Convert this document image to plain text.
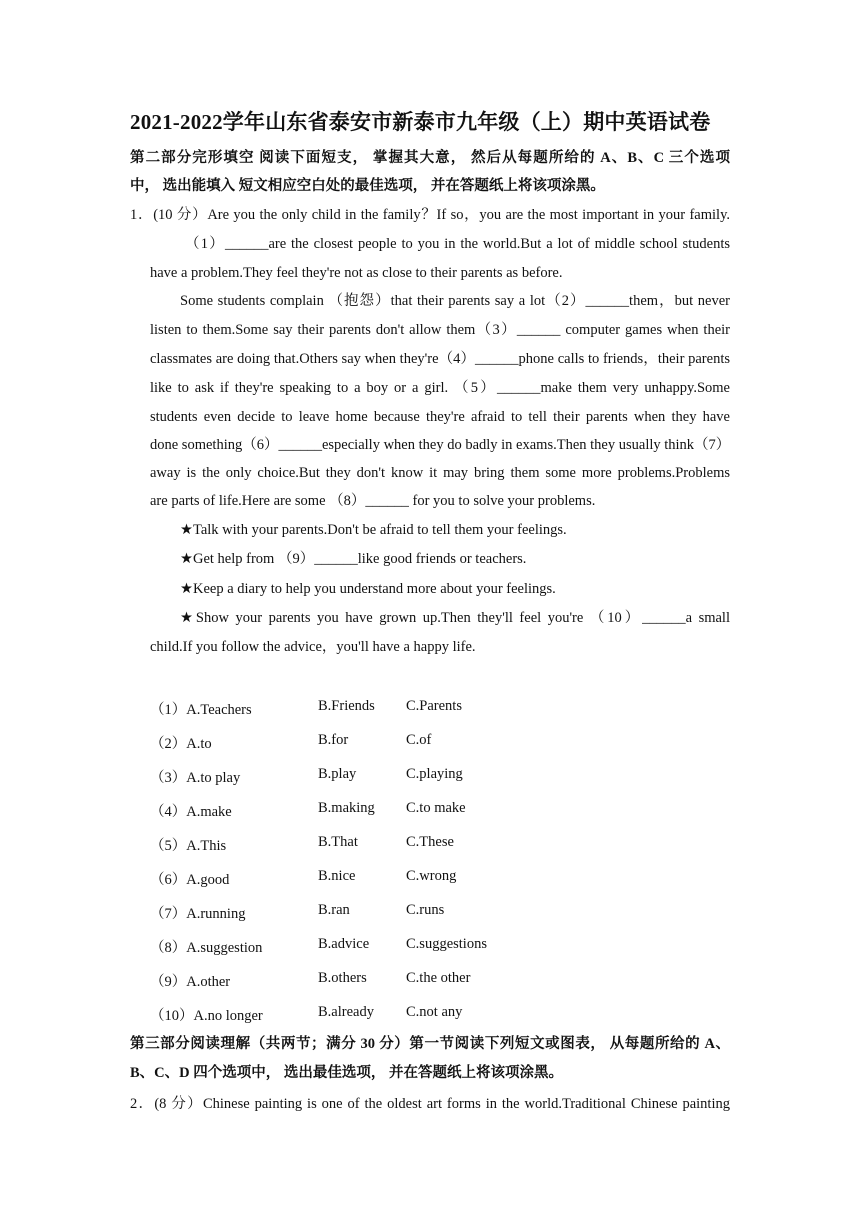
2021-2022学年山东省泰安市新泰市九年级（上）期中英语试卷
第二部分完形填空 阅读下面短支， 掌握其大意， 然后从每题所给的 A、B、C 三个选项
中， 选出能填入 短文相应空白处的最佳选项， 并在答题纸上将该项涂黑。
1．(10 分）Are you the only child in the family？If so，you are the most important in your family.
（1）______are the closest people to you in the world.But a lot of middle school students
have a problem.They feel they're not as close to their parents as before.
Some students complain （抱怨）that their parents say a lot（2）______them，but never
listen to them.Some say their parents don't allow them（3）______ computer games when their
classmates are doing that.Others say when they're（4）______phone calls to friends，their parents
like to ask if they're speaking to a boy or a girl. （5）______make them very unhappy.Some
students even decide to leave home because they're afraid to tell their parents when they have
done something（6）______especially when they do badly in exams.Then they usually think（7）
away is the only choice.But they don't know it may bring them some more problems.Problems
are parts of life.Here are some （8）______ for you to solve your problems.
★Talk with your parents.Don't be afraid to tell them your feelings.
★Get help from （9）______like good friends or teachers.
★Keep a diary to help you understand more about your feelings.
★Show your parents you have grown up.Then they'll feel you're （10）______a small
child.If you follow the advice，you'll have a happy life.
（1）A.Teachers	B.Friends C.Parents
（2）A.to	B.for	C.of
（3）A.to play	B.play	C.playing
（4）A.make	B.making C.to make
（5）A.This	B.That	C.These
（6）A.good	B.nice	C.wrong
（7）A.running	B.ran	C.runs
（8）A.suggestion	B.advice	C.suggestions
（9）A.other	B.others	C.the other
（10）A.no longer	B.already C.not any
第三部分阅读理解（共两节；满分 30 分）第一节阅读下列短文或图表， 从每题所给的 A、
B、C、D 四个选项中， 选出最佳选项， 并在答题纸上将该项涂黑。
2．(8 分）Chinese painting is one of the oldest art forms in the world.Traditional Chinese painting
